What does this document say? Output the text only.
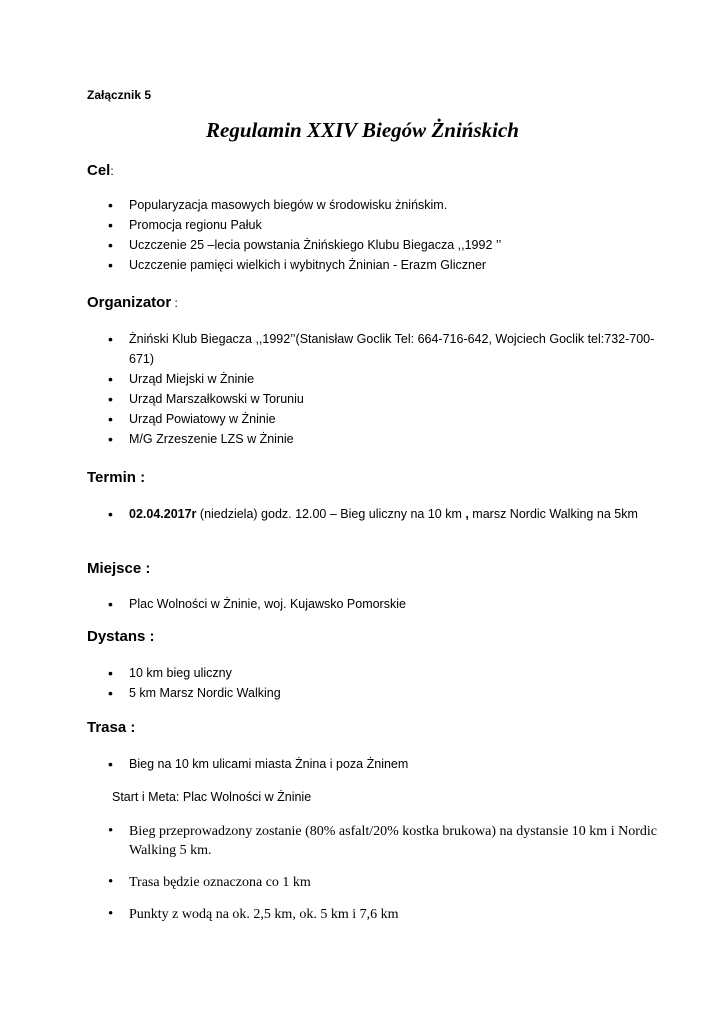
Załącznik 5
Regulamin XXIV Biegów Żnińskich
Cel:
• Popularyzacja masowych biegów w środowisku żnińskim.
• Promocja regionu Pałuk
• Uczczenie 25 –lecia powstania Żnińskiego Klubu Biegacza ,,1992 ’’
• Uczczenie pamięci wielkich i wybitnych Żninian - Erazm Gliczner
Organizator :
• Żniński Klub Biegacza ,,1992’’(Stanisław Goclik Tel: 664-716-642, Wojciech Goclik tel:732-700-671)
• Urząd Miejski w Żninie
• Urząd Marszałkowski w Toruniu
• Urząd Powiatowy w Żninie
• M/G Zrzeszenie LZS w Żninie
Termin :
• 02.04.2017r (niedziela) godz. 12.00 – Bieg uliczny na 10 km , marsz Nordic Walking na 5km
Miejsce :
• Plac Wolności w Żninie, woj. Kujawsko Pomorskie
Dystans :
• 10 km bieg uliczny
• 5 km Marsz Nordic Walking
Trasa :
• Bieg na 10 km ulicami miasta Żnina i poza Żninem
Start i Meta: Plac Wolności w Żninie
• Bieg przeprowadzony zostanie (80% asfalt/20% kostka brukowa) na dystansie 10 km i Nordic Walking 5 km.
• Trasa będzie oznaczona co 1 km
• Punkty z wodą na ok. 2,5 km, ok. 5 km i 7,6 km
